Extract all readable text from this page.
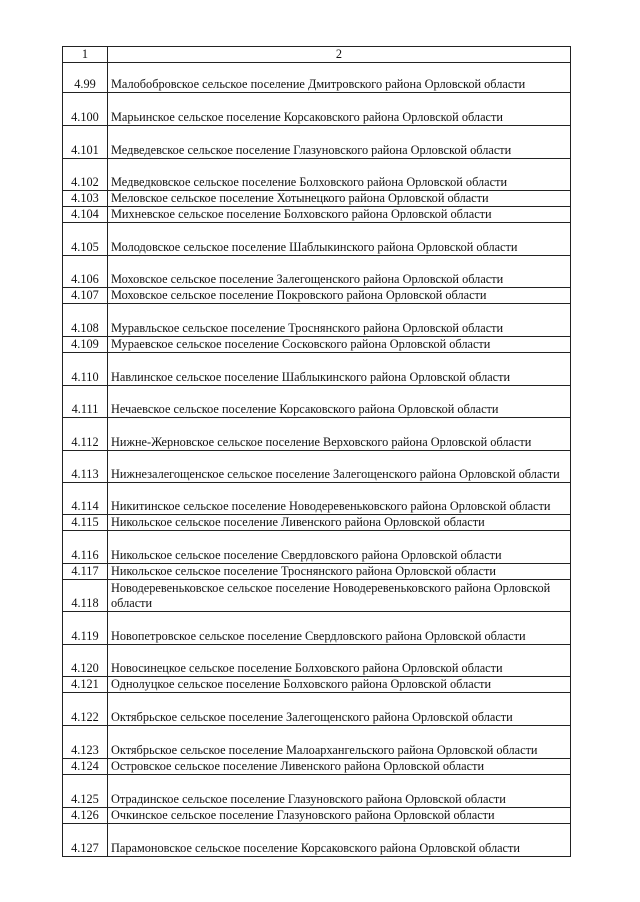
1	2
4.99	Малобобровское сельское поселение Дмитровского района Орловской области
4.100	Марьинское сельское поселение Корсаковского района Орловской области
4.101	Медведевское сельское поселение Глазуновского района Орловской области
4.102	Медведковское сельское поселение Болховского района Орловской области
4.103	Меловское сельское поселение Хотынецкого района Орловской области
4.104	Михневское сельское поселение Болховского района Орловской области
4.105	Молодовское сельское поселение Шаблыкинского района Орловской области
4.106	Моховское сельское поселение Залегощенского района Орловской области
4.107	Моховское сельское поселение Покровского района Орловской области
4.108	Муравльское сельское поселение Троснянского района Орловской области
4.109	Мураевское сельское поселение Сосковского района Орловской области
4.110	Навлинское сельское поселение Шаблыкинского района Орловской области
4.111	Нечаевское сельское поселение Корсаковского района Орловской области
4.112	Нижне-Жерновское сельское поселение Верховского района Орловской области
4.113	Нижнезалегощенское сельское поселение Залегощенского района Орловской области
4.114	Никитинское сельское поселение Новодеревеньковского района Орловской области
4.115	Никольское сельское поселение Ливенского района Орловской области
4.116	Никольское сельское поселение Свердловского района Орловской области
4.117	Никольское сельское поселение Троснянского района Орловской области
4.118	Новодеревеньковское сельское поселение Новодеревеньковского района Орловской области
4.119	Новопетровское сельское поселение Свердловского района Орловской области
4.120	Новосинецкое сельское поселение Болховского района Орловской области
4.121	Однолуцкое сельское поселение Болховского района Орловской области
4.122	Октябрьское сельское поселение Залегощенского района Орловской области
4.123	Октябрьское сельское поселение Малоархангельского района Орловской области
4.124	Островское сельское поселение Ливенского района Орловской области
4.125	Отрадинское сельское поселение Глазуновского района Орловской области
4.126	Очкинское сельское поселение Глазуновского района Орловской области
4.127	Парамоновское сельское поселение Корсаковского района Орловской области
